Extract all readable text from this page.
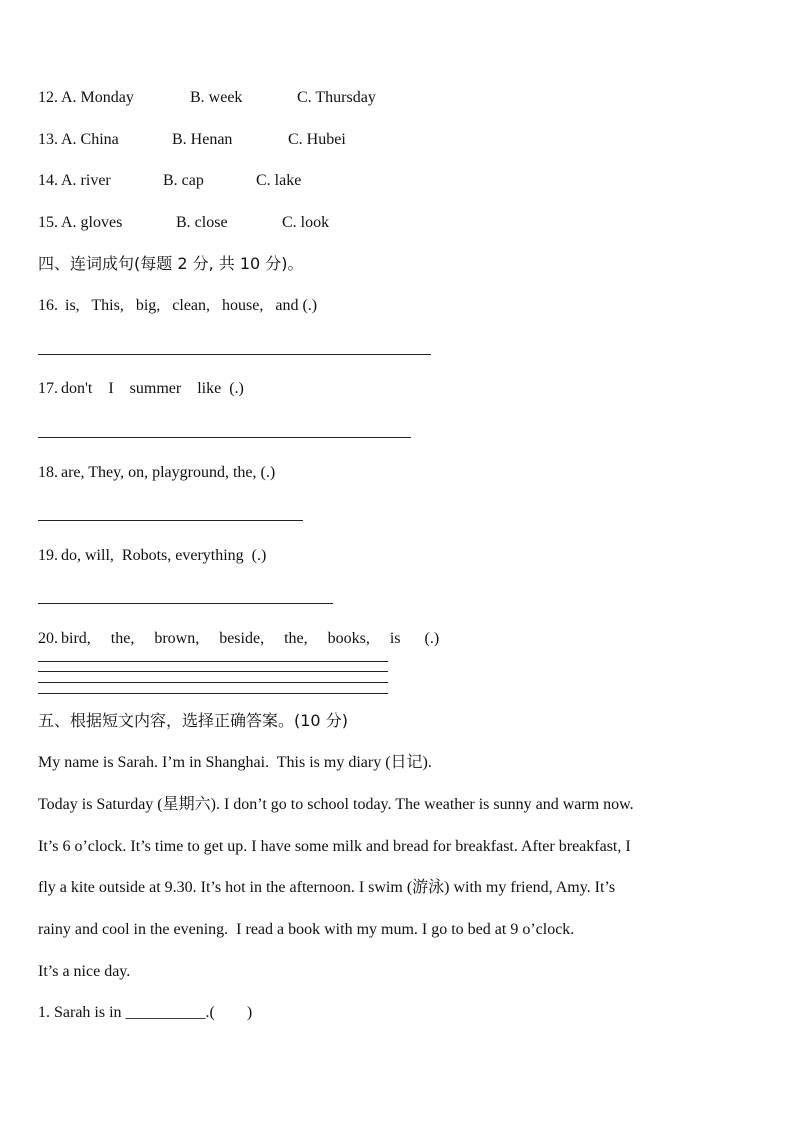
12. A. Monday	B. week	C. Thursday
13. A. China	B. Henan	C. Hubei
14. A. river	B. cap	C. lake
15. A. gloves	B. close	C. look
四、连词成句(每题 2 分, 共 10 分)。
16. is,   This,   big,   clean,   house,   and (.)
17. don't    I    summer    like  (.)
18. are, They, on, playground, the, (.)
19. do, will,  Robots, everything  (.)
20. bird,     the,     brown,     beside,     the,     books,     is      (.)
五、根据短文内容，选择正确答案。(10 分)
My name is Sarah. I’m in Shanghai.  This is my diary (日记).
Today is Saturday (星期六). I don’t go to school today. The weather is sunny and warm now.
It’s 6 o’clock. It’s time to get up. I have some milk and bread for breakfast. After breakfast, I
fly a kite outside at 9.30. It’s hot in the afternoon. I swim (游泳) with my friend, Amy. It’s
rainy and cool in the evening.  I read a book with my mum. I go to bed at 9 o’clock.
It’s a nice day.
1. Sarah is in __________.(        )
